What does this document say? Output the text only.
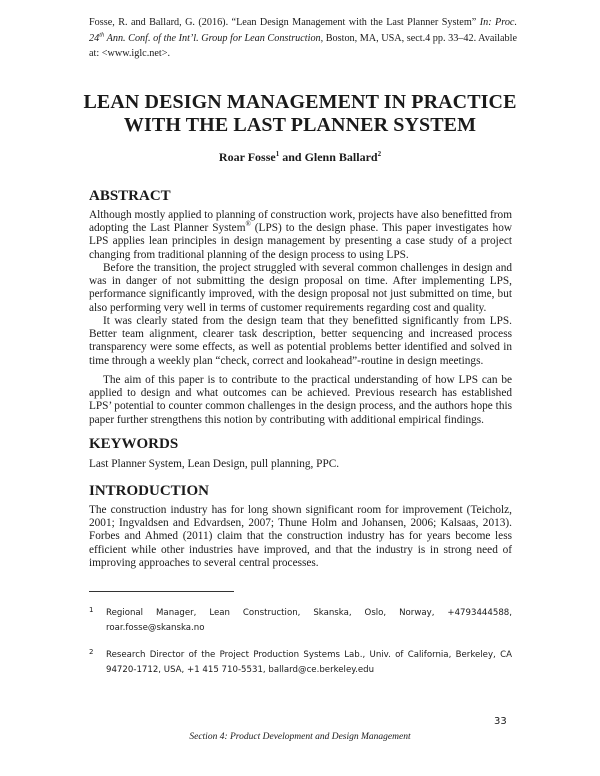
Fosse, R. and Ballard, G. (2016). “Lean Design Management with the Last Planner System” In: Proc. 24th Ann. Conf. of the Int’l. Group for Lean Construction, Boston, MA, USA, sect.4 pp. 33–42. Available at: <www.iglc.net>.
LEAN DESIGN MANAGEMENT IN PRACTICE
WITH THE LAST PLANNER SYSTEM
Roar Fosse$^1$ and Glenn Ballard$^2$
ABSTRACT

Although mostly applied to planning of construction work, projects have also benefitted from adopting the Last Planner System® (LPS) to the design phase. This paper investigates how LPS applies lean principles in design management by presenting a case study of a project changing from traditional planning of the design process to using LPS.

Before the transition, the project struggled with several common challenges in design and was in danger of not submitting the design proposal on time. After implementing LPS, performance significantly improved, with the design proposal not just submitted on time, but also performing very well in terms of customer requirements regarding cost and quality.

It was clearly stated from the design team that they benefitted significantly from LPS. Better team alignment, clearer task description, better sequencing and increased process transparency were some effects, as well as potential problems better identified and solved in time through a weekly plan “check, correct and lookahead”-routine in design meetings.

The aim of this paper is to contribute to the practical understanding of how LPS can be applied to design and what outcomes can be achieved. Previous research has established LPS’ potential to counter common challenges in the design process, and the authors hope this paper further strengthens this notion by contributing with additional empirical findings.

KEYWORDS

Last Planner System, Lean Design, pull planning, PPC.

INTRODUCTION

The construction industry has for long shown significant room for improvement (Teicholz, 2001; Ingvaldsen and Edvardsen, 2007; Thune Holm and Johansen, 2006; Kalsaas, 2013). Forbes and Ahmed (2011) claim that the construction industry has for years become less efficient while other industries have improved, and that the industry is in strong need of improving approaches to several central processes.

1 Regional Manager, Lean Construction, Skanska, Oslo, Norway, +4793444588, roar.fosse@skanska.no
2 Research Director of the Project Production Systems Lab., Univ. of California, Berkeley, CA 94720-1712, USA, +1 415 710-5531, ballard@ce.berkeley.edu
33
Section 4: Product Development and Design Management
